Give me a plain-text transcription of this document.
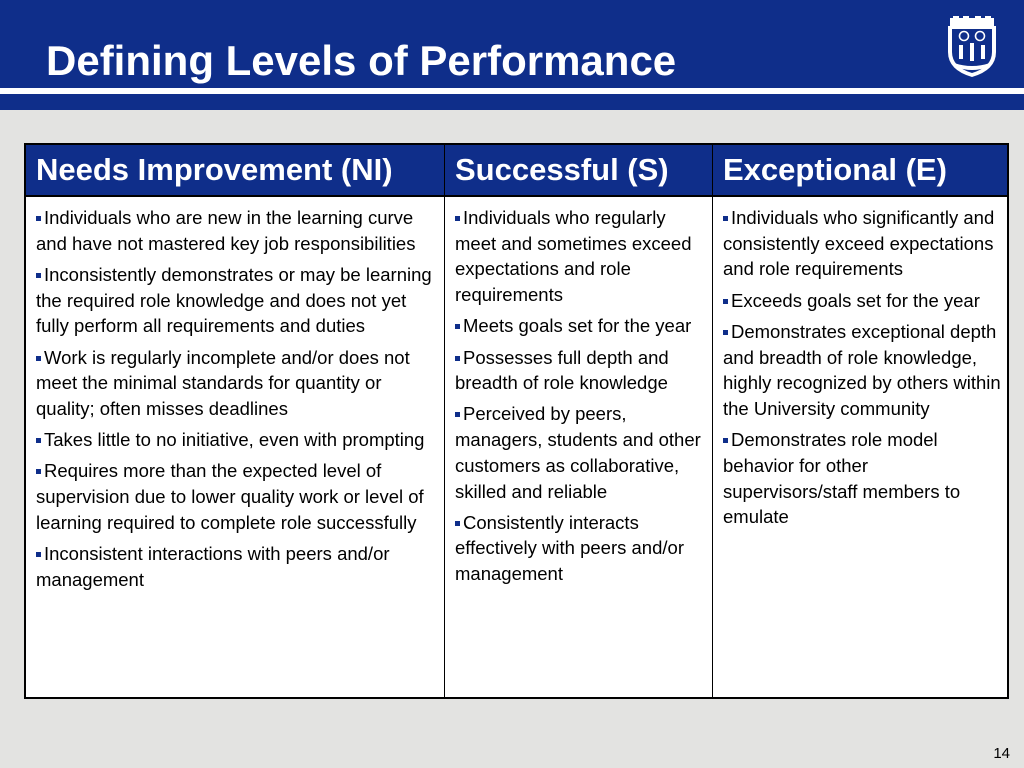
Defining Levels of Performance
Needs Improvement (NI)	Successful (S)	Exceptional (E)
Individuals who are new in the learning curve and have not mastered key job responsibilities
Inconsistently demonstrates or may be learning the required role knowledge and does not yet fully perform all requirements and duties
Work is regularly incomplete and/or does not meet the minimal standards for quantity or quality; often misses deadlines
Takes little to no initiative, even with prompting
Requires more than the expected level of supervision due to lower quality work or level of learning required to complete role successfully
Inconsistent interactions with peers and/or management
Individuals who regularly meet and sometimes exceed expectations and role requirements
Meets goals set for the year
Possesses full depth and breadth of role knowledge
Perceived by peers, managers, students and other customers as collaborative, skilled and reliable
Consistently interacts effectively with peers and/or management
Individuals who significantly and consistently exceed expectations and role requirements
Exceeds goals set for the year
Demonstrates exceptional depth and breadth of role knowledge, highly recognized by others within the University community
Demonstrates role model behavior for other supervisors/staff members to emulate
14
